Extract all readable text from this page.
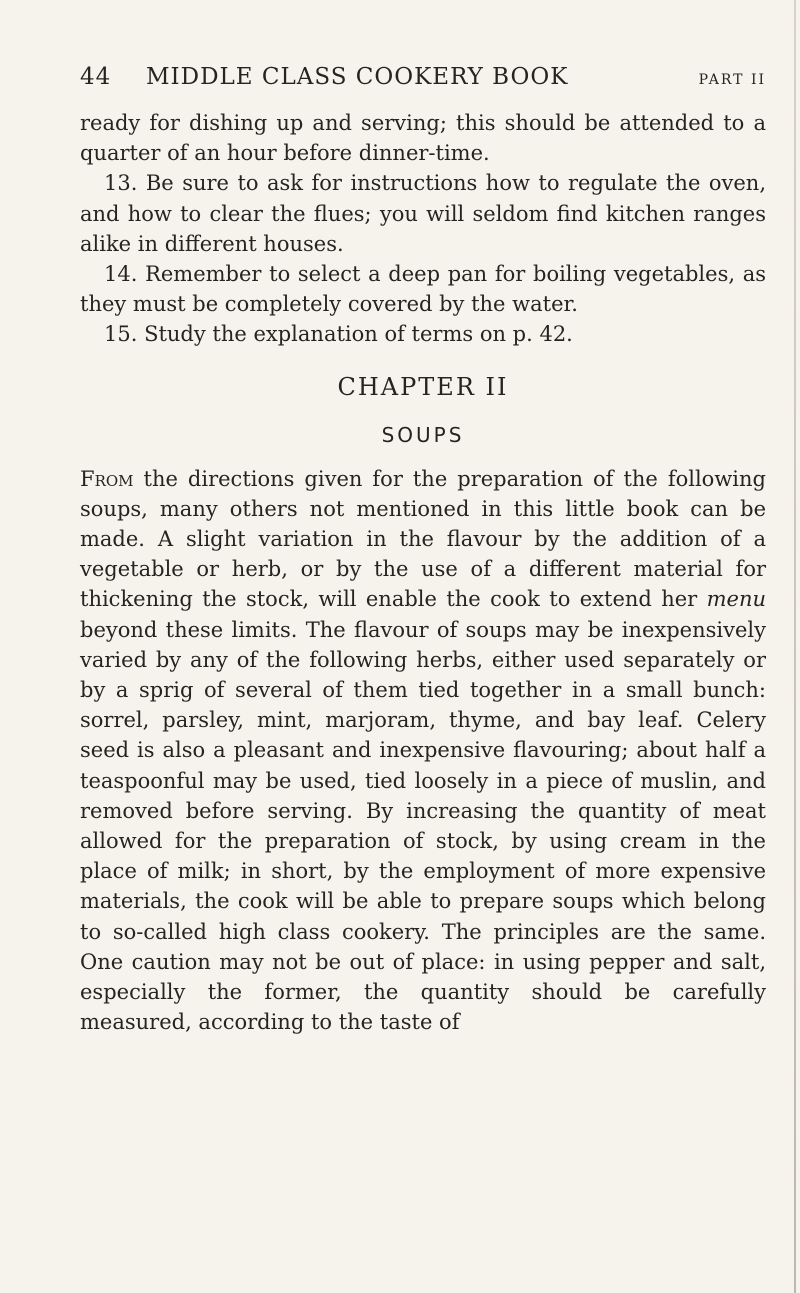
44 MIDDLE CLASS COOKERY BOOK	PART II

ready for dishing up and serving; this should be attended to a quarter of an hour before dinner-time.

13. Be sure to ask for instructions how to regulate the oven, and how to clear the flues; you will seldom find kitchen ranges alike in different houses.

14. Remember to select a deep pan for boiling vegetables, as they must be completely covered by the water.

15. Study the explanation of terms on p. 42.

CHAPTER II
SOUPS

From the directions given for the preparation of the following soups, many others not mentioned in this little book can be made. A slight variation in the flavour by the addition of a vegetable or herb, or by the use of a different material for thickening the stock, will enable the cook to extend her menu beyond these limits. The flavour of soups may be inexpensively varied by any of the following herbs, either used separately or by a sprig of several of them tied together in a small bunch: sorrel, parsley, mint, marjoram, thyme, and bay leaf. Celery seed is also a pleasant and inexpensive flavouring; about half a teaspoonful may be used, tied loosely in a piece of muslin, and removed before serving. By increasing the quantity of meat allowed for the preparation of stock, by using cream in the place of milk; in short, by the employment of more expensive materials, the cook will be able to prepare soups which belong to so-called high class cookery. The principles are the same. One caution may not be out of place: in using pepper and salt, especially the former, the quantity should be carefully measured, according to the taste of
